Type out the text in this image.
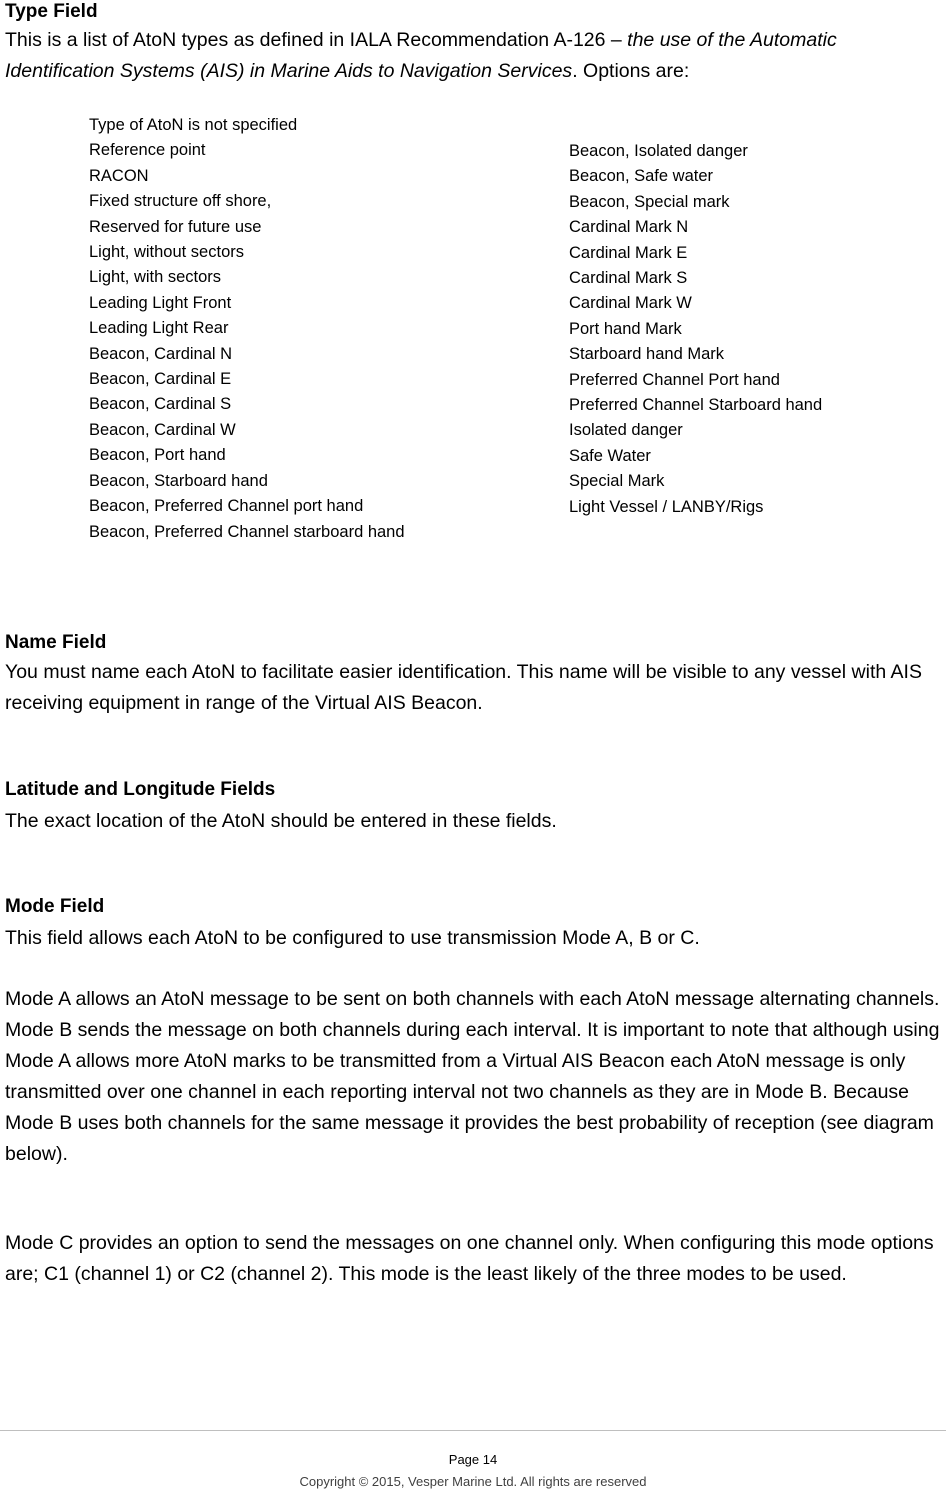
Type Field
This is a list of AtoN types as defined in IALA Recommendation A-126 – the use of the Automatic Identification Systems (AIS) in Marine Aids to Navigation Services. Options are:
Type of AtoN is not specified
Reference point
RACON
Fixed structure off shore,
Reserved for future use
Light, without sectors
Light, with sectors
Leading Light Front
Leading Light Rear
Beacon, Cardinal N
Beacon, Cardinal E
Beacon, Cardinal S
Beacon, Cardinal W
Beacon, Port hand
Beacon, Starboard hand
Beacon, Preferred Channel port hand
Beacon, Preferred Channel starboard hand
Beacon, Isolated danger
Beacon, Safe water
Beacon, Special mark
Cardinal Mark N
Cardinal Mark E
Cardinal Mark S
Cardinal Mark W
Port hand Mark
Starboard hand Mark
Preferred Channel Port hand
Preferred Channel Starboard hand
Isolated danger
Safe Water
Special Mark
Light Vessel / LANBY/Rigs
Name Field
You must name each AtoN to facilitate easier identification. This name will be visible to any vessel with AIS receiving equipment in range of the Virtual AIS Beacon.
Latitude and Longitude Fields
The exact location of the AtoN should be entered in these fields.
Mode Field
This field allows each AtoN to be configured to use transmission Mode A, B or C.
Mode A allows an AtoN message to be sent on both channels with each AtoN message alternating channels. Mode B sends the message on both channels during each interval. It is important to note that although using Mode A allows more AtoN marks to be transmitted from a Virtual AIS Beacon each AtoN message is only transmitted over one channel in each reporting interval not two channels as they are in Mode B. Because Mode B uses both channels for the same message it provides the best probability of reception (see diagram below).
Mode C provides an option to send the messages on one channel only. When configuring this mode options are; C1 (channel 1) or C2 (channel 2). This mode is the least likely of the three modes to be used.
Page 14
Copyright © 2015, Vesper Marine Ltd. All rights are reserved
